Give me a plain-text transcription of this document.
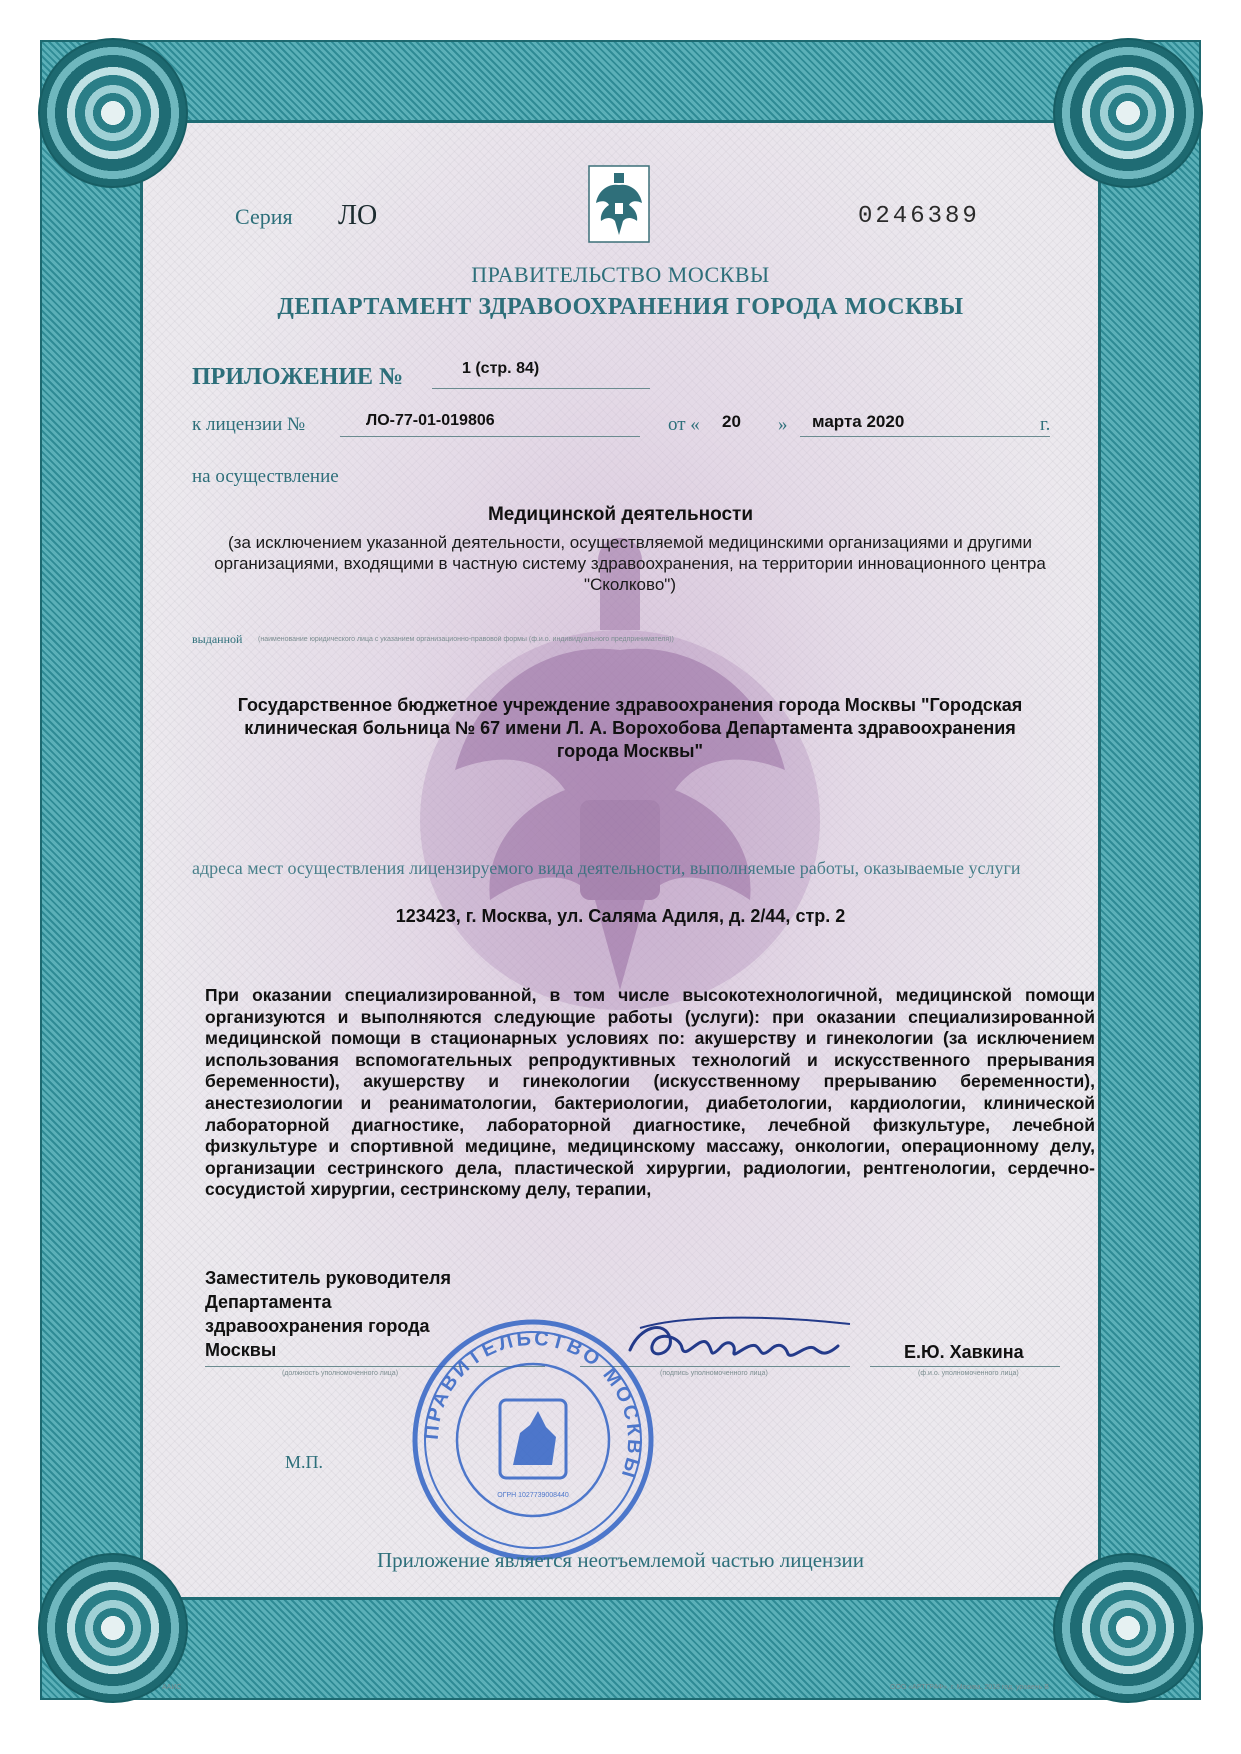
Серия ЛО	0246389
ПРАВИТЕЛЬСТВО МОСКВЫ
ДЕПАРТАМЕНТ ЗДРАВООХРАНЕНИЯ ГОРОДА МОСКВЫ
ПРИЛОЖЕНИЕ №	1 (стр. 84)
к лицензии №	ЛО-77-01-019806	от « 20 » марта 2020	г.
на осуществление
Медицинской деятельности
(за исключением указанной деятельности, осуществляемой медицинскими организациями и другими организациями, входящими в частную систему здравоохранения, на территории инновационного центра "Сколково")
выданной (наименование юридического лица с указанием организационно-правовой формы (ф.и.о. индивидуального предпринимателя))
Государственное бюджетное учреждение здравоохранения города Москвы "Городская клиническая больница № 67 имени Л. А. Ворохобова Департамента здравоохранения города Москвы"
адреса мест осуществления лицензируемого вида деятельности, выполняемые работы, оказываемые услуги
123423, г. Москва, ул. Саляма Адиля, д. 2/44, стр. 2
При оказании специализированной, в том числе высокотехнологичной, медицинской помощи организуются и выполняются следующие работы (услуги): при оказании специализированной медицинской помощи в стационарных условиях по: акушерству и гинекологии (за исключением использования вспомогательных репродуктивных технологий и искусственного прерывания беременности), акушерству и гинекологии (искусственному прерыванию беременности), анестезиологии и реаниматологии, бактериологии, диабетологии, кардиологии, клинической лабораторной диагностике, лабораторной диагностике, лечебной физкультуре, лечебной физкультуре и спортивной медицине, медицинскому массажу, онкологии, операционному делу, организации сестринского дела, пластической хирургии, радиологии, рентгенологии, сердечно-сосудистой хирургии, сестринскому делу, терапии,
Заместитель руководителя
Департамента
здравоохранения города
Москвы	Е.Ю. Хавкина
(должность уполномоченного лица)	(подпись уполномоченного лица)	(ф.и.о. уполномоченного лица)
ПРАВИТЕЛЬСТВО МОСКВЫ
ОГРН 1027739008440
М.П.
Приложение является неотъемлемой частью лицензии
ААИС	ООО «АРТГРАФ», г. Москва, 2018 год, уровень В
